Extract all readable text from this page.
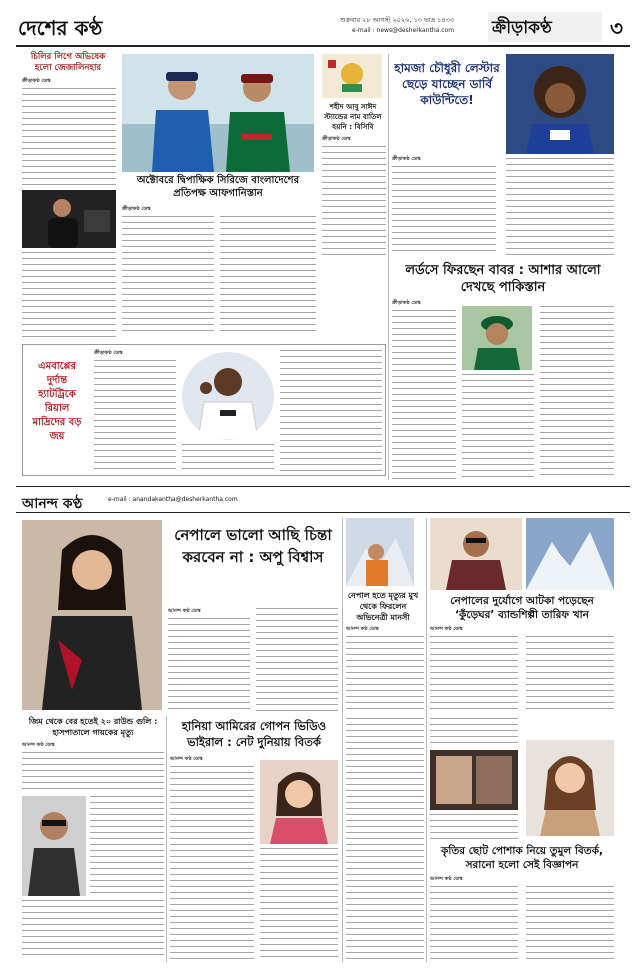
দেশের কণ্ঠ	শুক্রবার ২৮ আগস্ট ২০২৬, ১৩ ভাদ্র ১৪৩৩
e-mail : news@desherkantha.com	ক্রীড়াকণ্ঠ	৩
চিলির লিগে অভিষেক হলো জেজালিনহার
ক্রীড়াকণ্ঠ ডেস্ক
অক্টোবরে দ্বিপাক্ষিক সিরিজে বাংলাদেশের প্রতিপক্ষ আফগানিস্তান
ক্রীড়াকণ্ঠ ডেস্ক
শহীদ আবু সাঈদ স্ট্যান্ডের নাম বাতিল হয়নি : বিসিবি
ক্রীড়াকণ্ঠ ডেস্ক
হামজা চৌধুরী লেস্টার ছেড়ে যাচ্ছেন ডার্বি কাউন্টিতে!
ক্রীড়াকণ্ঠ ডেস্ক
লর্ডসে ফিরছেন বাবর : আশার আলো দেখছে পাকিস্তান
ক্রীড়াকণ্ঠ ডেস্ক
এমবাপ্পের দুর্দান্ত হ্যাটট্রিকে রিয়াল মাদ্রিদের বড় জয়
ক্রীড়াকণ্ঠ ডেস্ক
আনন্দ কণ্ঠ	e-mail : anandakantha@desherkantha.com
নেপালে ভালো আছি চিন্তা করবেন না : অপু বিশ্বাস
আনন্দ কণ্ঠ ডেস্ক
নেপাল হতে মৃত্যুর মুখ থেকে ফিরলেন অভিনেত্রী মানসী
আনন্দ কণ্ঠ ডেস্ক
নেপালের দুর্যোগে আটকা পড়েছেন ‘কুঁড়েঘর’ ব্যান্ডশিল্পী তারিফ খান
আনন্দ কণ্ঠ ডেস্ক
জিম থেকে বের হতেই ২০ রাউন্ড গুলি : হাসপাতালে গায়কের মৃত্যু
আনন্দ কণ্ঠ ডেস্ক
হানিয়া আমিরের গোপন ভিডিও ভাইরাল : নেট দুনিয়ায় বিতর্ক
আনন্দ কণ্ঠ ডেস্ক
কৃতির ছোট পোশাক নিয়ে তুমুল বিতর্ক, সরানো হলো সেই বিজ্ঞাপন
আনন্দ কণ্ঠ ডেস্ক
